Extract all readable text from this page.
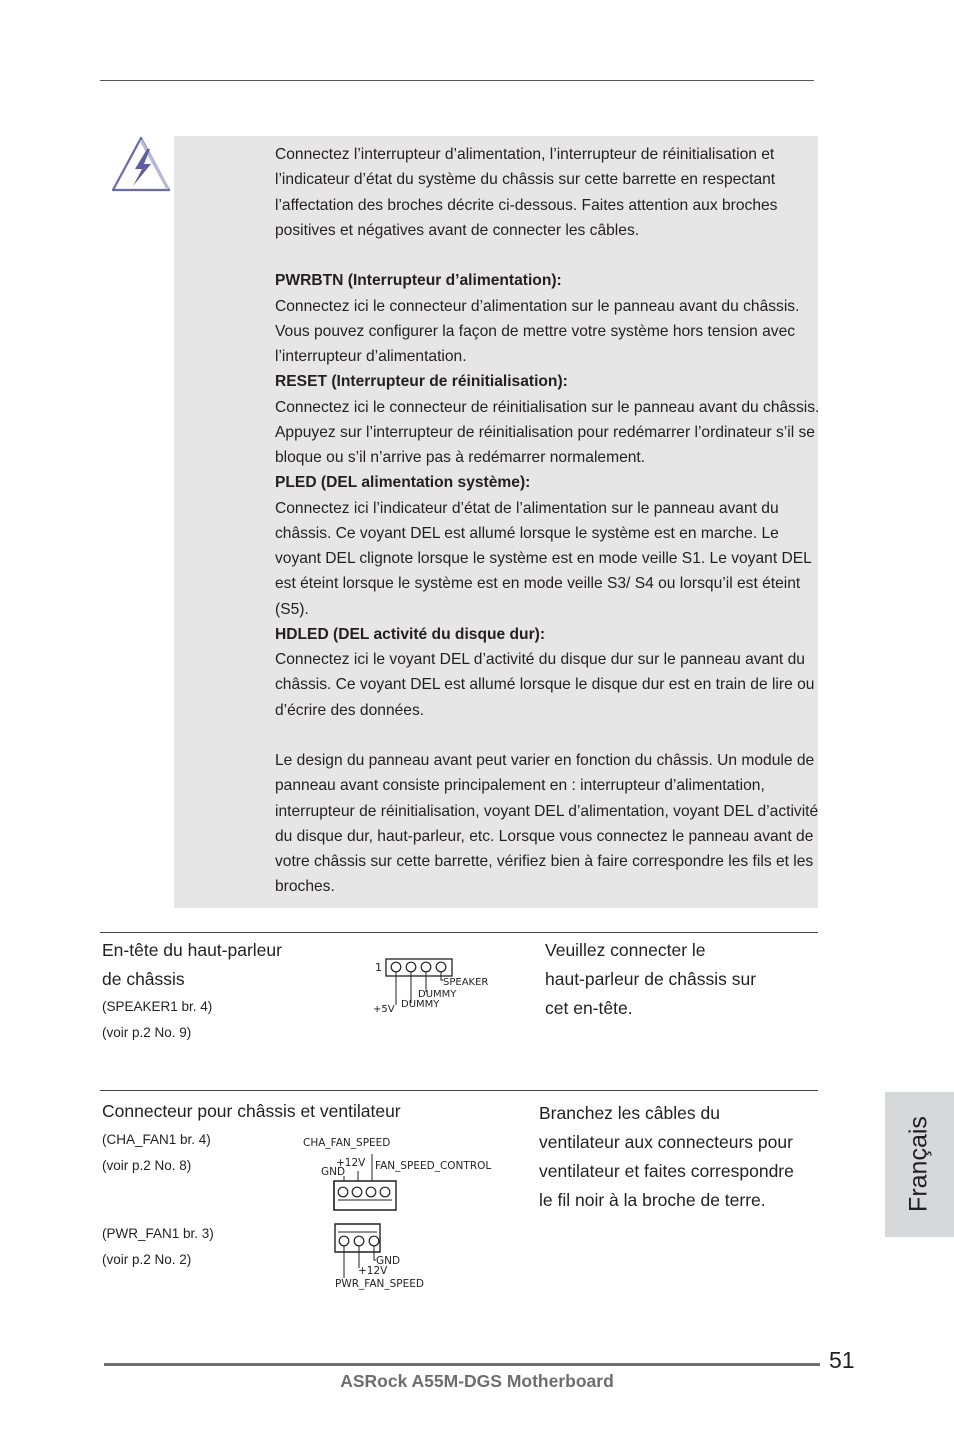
Connectez l’interrupteur d’alimentation, l’interrupteur de réinitialisation et l’indicateur d’état du système du châssis sur cette barrette en respectant l’affectation des broches décrite ci-dessous. Faites attention aux broches positives et négatives avant de connecter les câbles.

PWRBTN (Interrupteur d’alimentation):

Connectez ici le connecteur d’alimentation sur le panneau avant du châssis. Vous pouvez configurer la façon de mettre votre système hors tension avec l’interrupteur d’alimentation.

RESET (Interrupteur de réinitialisation):

Connectez ici le connecteur de réinitialisation sur le panneau avant du châssis. Appuyez sur l’interrupteur de réinitialisation pour redémarrer l’ordinateur s’il se bloque ou s’il n’arrive pas à redémarrer normalement.

PLED (DEL alimentation système):

Connectez ici l’indicateur d’état de l’alimentation sur le panneau avant du châssis. Ce voyant DEL est allumé lorsque le système est en marche. Le voyant DEL clignote lorsque le système est en mode veille S1. Le voyant DEL est éteint lorsque le système est en mode veille S3/ S4 ou lorsqu’il est éteint (S5).

HDLED (DEL activité du disque dur):

Connectez ici le voyant DEL d’activité du disque dur sur le panneau avant du châssis. Ce voyant DEL est allumé lorsque le disque dur est en train de lire ou d’écrire des données.

Le design du panneau avant peut varier en fonction du châssis. Un module de panneau avant consiste principalement en : interrupteur d’alimentation, interrupteur de réinitialisation, voyant DEL d’alimentation, voyant DEL d’activité du disque dur, haut-parleur, etc. Lorsque vous connectez le panneau avant de votre châssis sur cette barrette, vérifiez bien à faire correspondre les fils et les broches.

En-tête du haut-parleur
de châssis
(SPEAKER1 br. 4)
(voir p.2 No. 9)
1
SPEAKER
DUMMY
+5V DUMMY
Veuillez connecter le
haut-parleur de châssis sur
cet en-tête.
Connecteur pour châssis et ventilateur
(CHA_FAN1 br. 4)
(voir p.2 No. 8)
(PWR_FAN1 br. 3)
(voir p.2 No. 2)
CHA_FAN_SPEED
+12V
GND	FAN_SPEED_CONTROL
GND
+12V
PWR_FAN_SPEED
Branchez les câbles du
ventilateur aux connecteurs pour
ventilateur et faites correspondre
le fil noir à la broche de terre.	Français
51
ASRock A55M-DGS Motherboard
